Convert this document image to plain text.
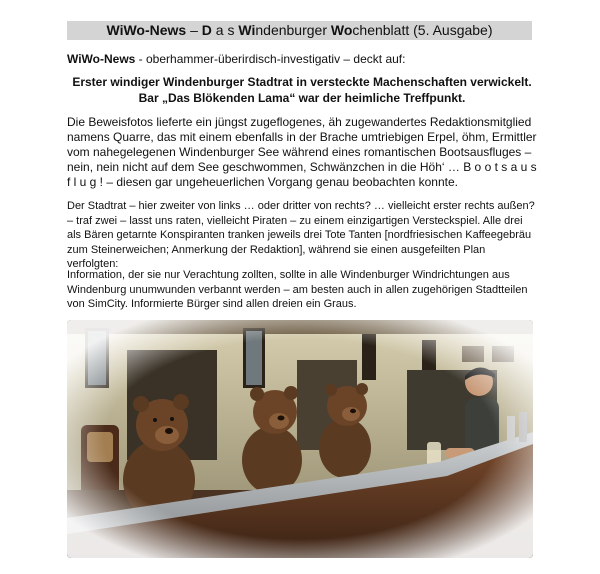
WiWo-News – D a s Windenburger Wochenblatt (5. Ausgabe)
WiWo-News - oberhammer-überirdisch-investigativ – deckt auf:
Erster windiger Windenburger Stadtrat in versteckte Machenschaften verwickelt.
Bar „Das Blökenden Lama“ war der heimliche Treffpunkt.
Die Beweisfotos lieferte ein jüngst zugeflogenes, äh zugewandertes Redaktionsmitglied namens Quarre, das mit einem ebenfalls in der Brache umtriebigen Erpel, öhm, Ermittler vom nahegelegenen Windenburger See während eines romantischen Bootsausfluges – nein, nein nicht auf dem See geschwommen, Schwänzchen in die Höh‘ … B o o t s a u s f l u g ! – diesen gar ungeheuerlichen Vorgang genau beobachten konnte.
Der Stadtrat – hier zweiter von links … oder dritter von rechts? … vielleicht erster rechts außen? – traf zwei – lasst uns raten, vielleicht Piraten – zu einem einzigartigen Versteckspiel. Alle drei als Bären getarnte Konspiranten tranken jeweils drei Tote Tanten [nordfriesischen Kaffeegebräu zum Steinerweichen; Anmerkung der Redaktion], während sie einen ausgefeilten Plan verfolgten:
Information, der sie nur Verachtung zollten, sollte in alle Windenburger Windrichtungen aus Windenburg unumwunden verbannt werden – am besten auch in allen zugehörigen Stadtteilen von SimCity. Informierte Bürger sind allen dreien ein Graus.
